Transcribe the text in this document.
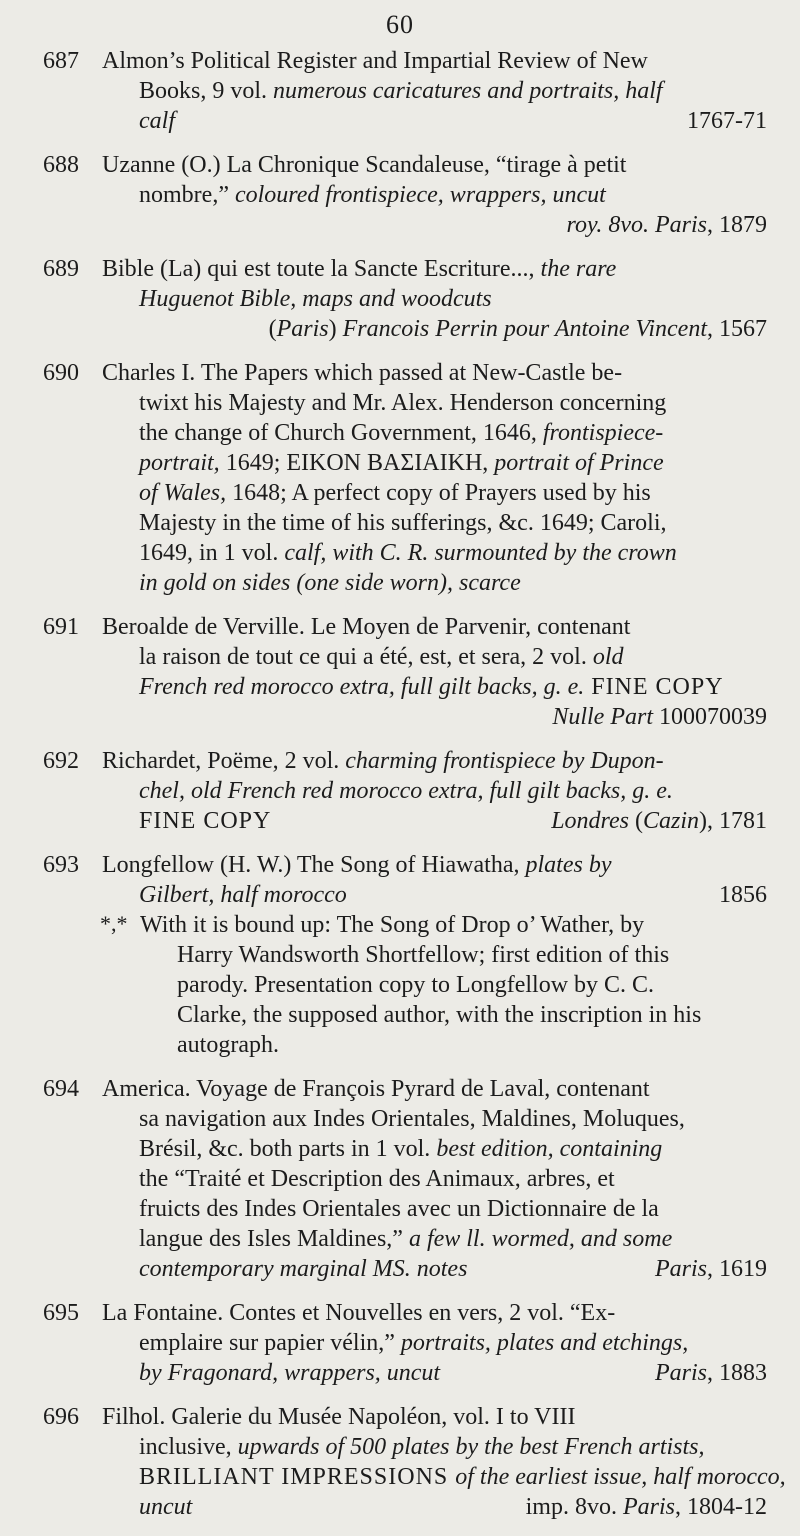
60
687 Almon’s Political Register and Impartial Review of New
Books, 9 vol. numerous caricatures and portraits, half
calf	1767-71
688 Uzanne (O.) La Chronique Scandaleuse, “tirage à petit
nombre,” coloured frontispiece, wrappers, uncut
roy. 8vo. Paris, 1879
689 Bible (La) qui est toute la Sancte Escriture..., the rare
Huguenot Bible, maps and woodcuts
(Paris) Francois Perrin pour Antoine Vincent, 1567
690 Charles I. The Papers which passed at New-Castle be-
twixt his Majesty and Mr. Alex. Henderson concerning
the change of Church Government, 1646, frontispiece-
portrait, 1649; EIKON BAΣIAIKH, portrait of Prince
of Wales, 1648; A perfect copy of Prayers used by his
Majesty in the time of his sufferings, &c. 1649; Caroli,
1649, in 1 vol. calf, with C. R. surmounted by the crown
in gold on sides (one side worn), scarce
691 Beroalde de Verville. Le Moyen de Parvenir, contenant
la raison de tout ce qui a été, est, et sera, 2 vol. old
French red morocco extra, full gilt backs, g. e. FINE COPY
Nulle Part 100070039
692 Richardet, Poëme, 2 vol. charming frontispiece by Dupon-
chel, old French red morocco extra, full gilt backs, g. e.
FINE COPY	Londres (Cazin), 1781
693 Longfellow (H. W.) The Song of Hiawatha, plates by
Gilbert, half morocco	1856
*,* With it is bound up: The Song of Drop o’ Wather, by
Harry Wandsworth Shortfellow; first edition of this
parody. Presentation copy to Longfellow by C. C.
Clarke, the supposed author, with the inscription in his
autograph.
694 America. Voyage de François Pyrard de Laval, contenant
sa navigation aux Indes Orientales, Maldines, Moluques,
Brésil, &c. both parts in 1 vol. best edition, containing
the “Traité et Description des Animaux, arbres, et
fruicts des Indes Orientales avec un Dictionnaire de la
langue des Isles Maldines,” a few ll. wormed, and some
contemporary marginal MS. notes	Paris, 1619
695 La Fontaine. Contes et Nouvelles en vers, 2 vol. “Ex-
emplaire sur papier vélin,” portraits, plates and etchings,
by Fragonard, wrappers, uncut	Paris, 1883
696 Filhol. Galerie du Musée Napoléon, vol. I to VIII
inclusive, upwards of 500 plates by the best French artists,
BRILLIANT IMPRESSIONS of the earliest issue, half morocco,
uncut	imp. 8vo. Paris, 1804-12
